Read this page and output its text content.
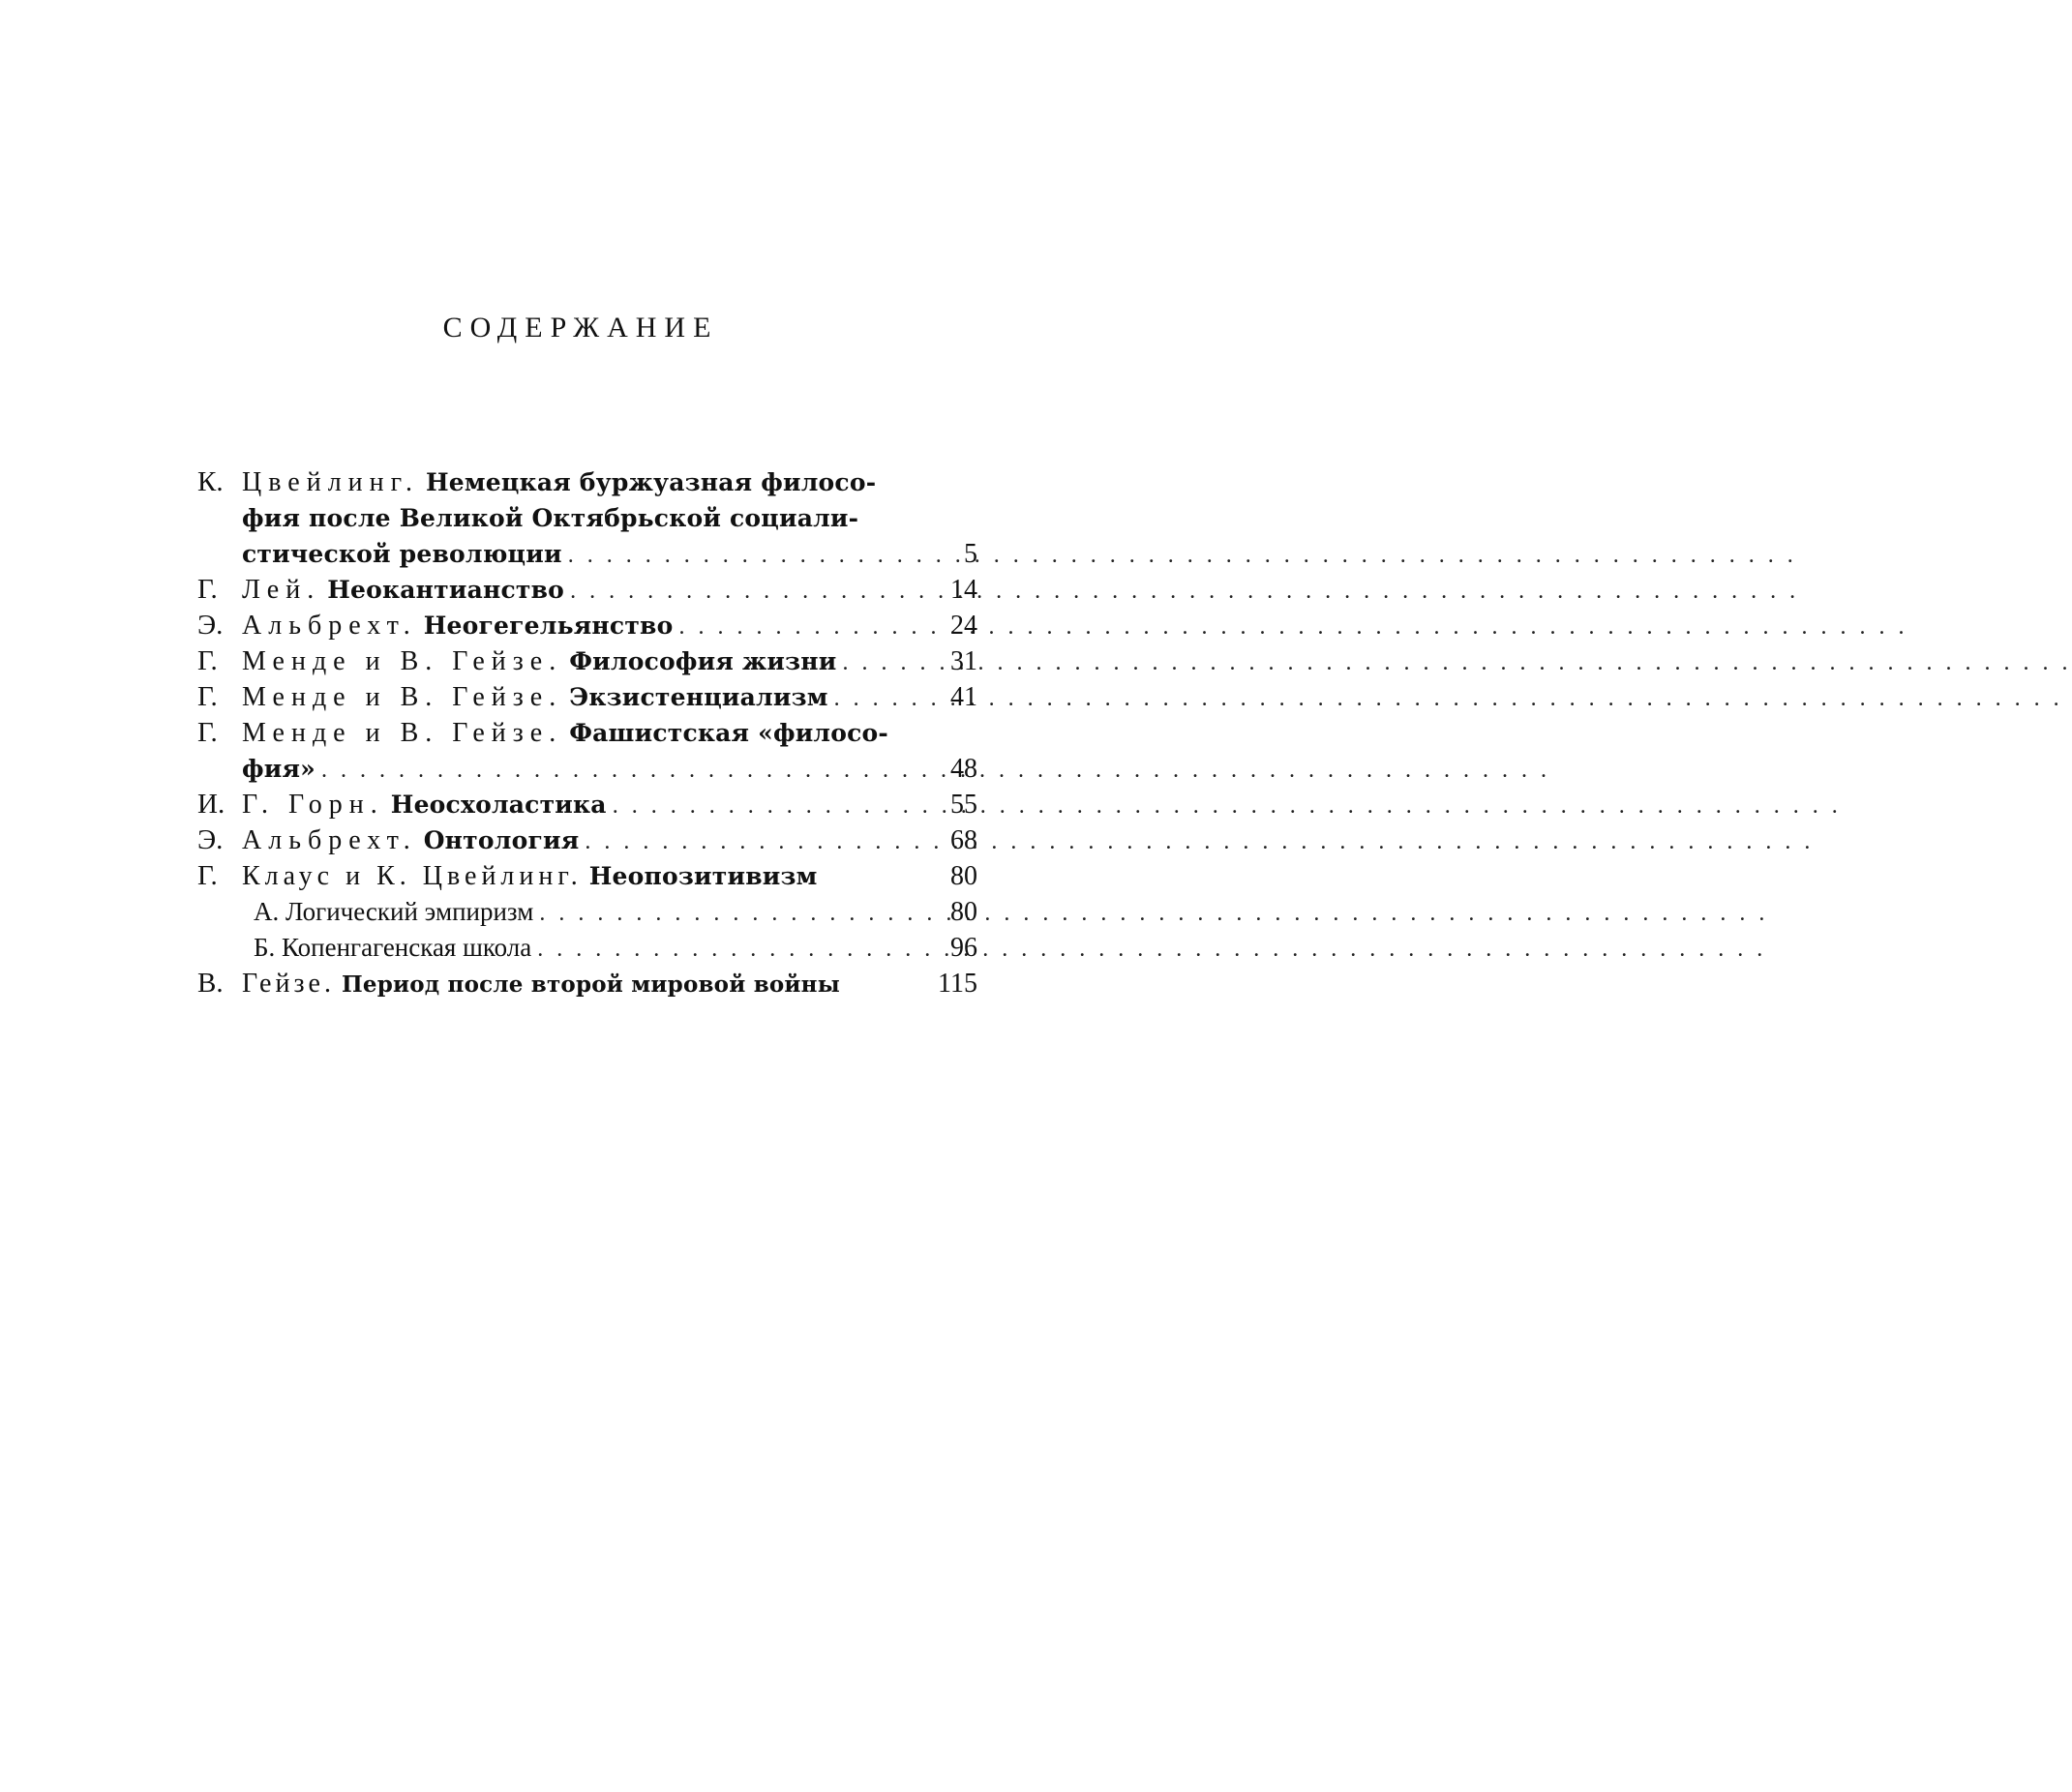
СОДЕРЖАНИЕ
К. Цвейлинг. Немецкая буржуазная филосо-
фия после Великой Октябрьской социали-
стической революции . . .	5
Г. Лей. Неокантианство . . .	14
Э. Альбрехт. Неогегельянство . . .	24
Г. Менде и В. Гейзе. Философия жизни . . .	31
Г. Менде и В. Гейзе. Экзистенциализм . . .	41
Г. Менде и В. Гейзе. Фашистская «филосо-
фия» . . .	48
И. Г. Горн. Неосхоластика . . .	55
Э. Альбрехт. Онтология . . .	68
Г. Клаус и К. Цвейлинг. Неопозитивизм	80
А. Логический эмпиризм . . .	80
Б. Копенгагенская школа . . .	96
В. Гейзе. Период после второй мировой войны	115
